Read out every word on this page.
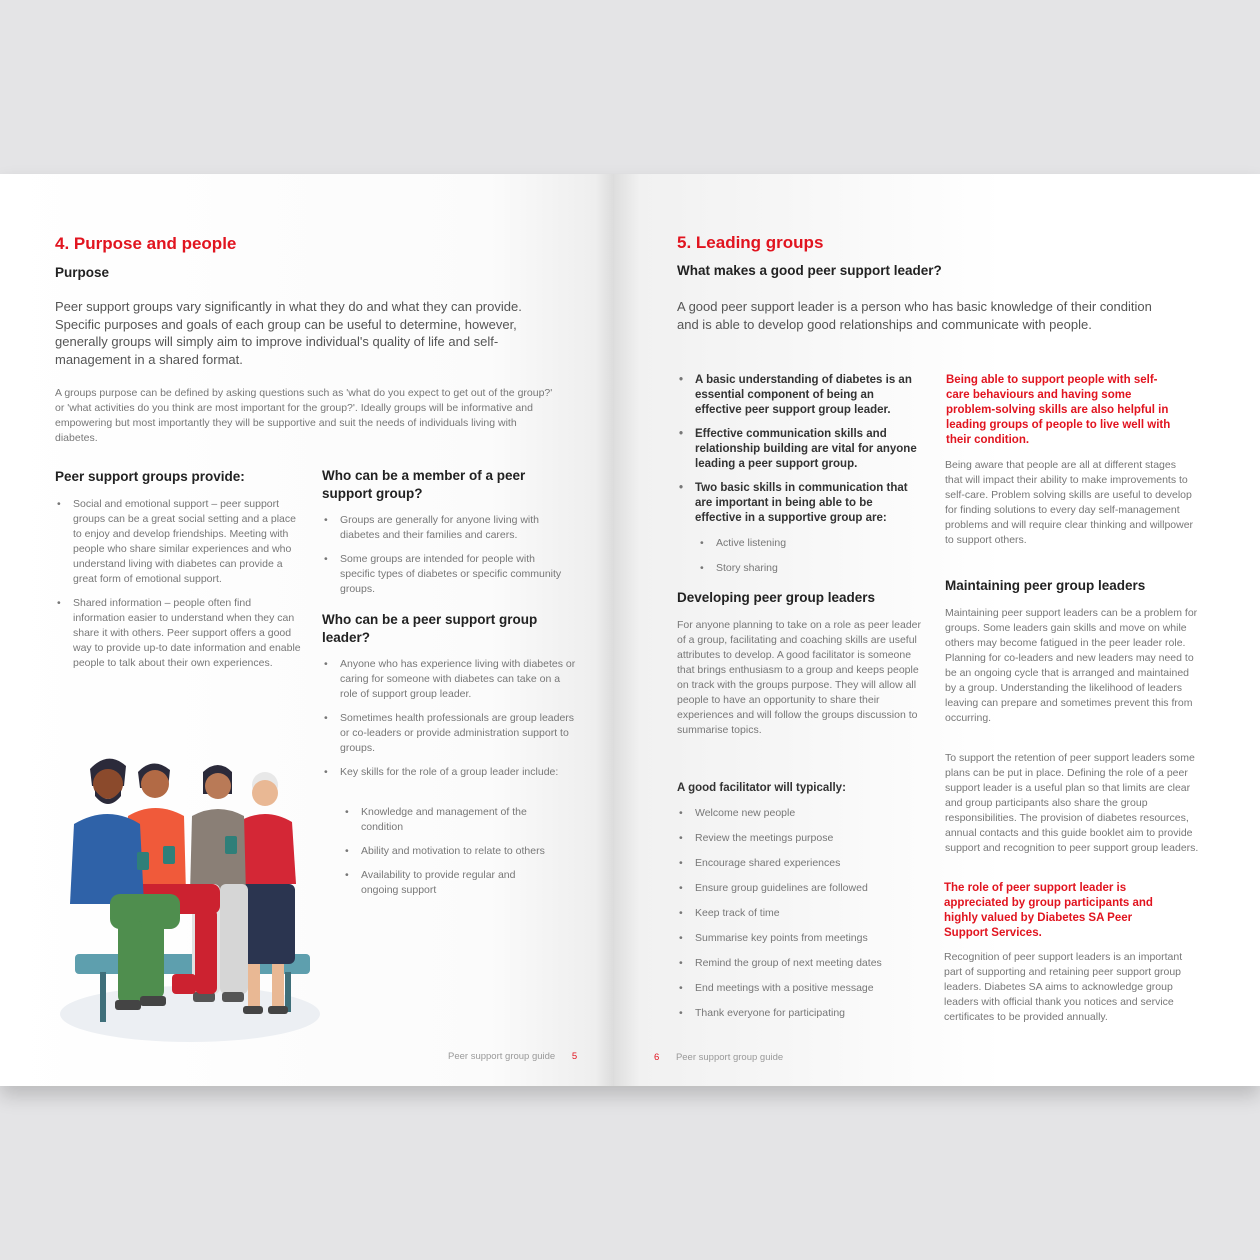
4. Purpose and people
Purpose

Peer support groups vary significantly in what they do and what they can provide. Specific purposes and goals of each group can be useful to determine, however, generally groups will simply aim to improve individual's quality of life and self-management in a shared format.

A groups purpose can be defined by asking questions such as 'what do you expect to get out of the group?' or 'what activities do you think are most important for the group?'. Ideally groups will be informative and empowering but most importantly they will be supportive and suit the needs of individuals living with diabetes.

Peer support groups provide:
• Social and emotional support – peer support groups can be a great social setting and a place to enjoy and develop friendships. Meeting with people who share similar experiences and who understand living with diabetes can provide a great form of emotional support.
• Shared information – people often find information easier to understand when they can share it with others. Peer support offers a good way to provide up-to date information and enable people to talk about their own experiences.
Who can be a member of a peer support group?
• Groups are generally for anyone living with diabetes and their families and carers.
• Some groups are intended for people with specific types of diabetes or specific community groups.
Who can be a peer support group leader?
• Anyone who has experience living with diabetes or caring for someone with diabetes can take on a role of support group leader.
• Sometimes health professionals are group leaders or co-leaders or provide administration support to groups.
• Key skills for the role of a group leader include:
• Knowledge and management of the condition
• Ability and motivation to relate to others
• Availability to provide regular and ongoing support
Peer support group guide 5
5. Leading groups
What makes a good peer support leader?

A good peer support leader is a person who has basic knowledge of their condition and is able to develop good relationships and communicate with people.

• A basic understanding of diabetes is an essential component of being an effective peer support group leader.
• Effective communication skills and relationship building are vital for anyone leading a peer support group.
• Two basic skills in communication that are important in being able to be effective in a supportive group are:
• Active listening
• Story sharing
Developing peer group leaders

For anyone planning to take on a role as peer leader of a group, facilitating and coaching skills are useful attributes to develop. A good facilitator is someone that brings enthusiasm to a group and keeps people on track with the groups purpose. They will allow all people to have an opportunity to share their experiences and will follow the groups discussion to summarise topics.

A good facilitator will typically:

• Welcome new people
• Review the meetings purpose
• Encourage shared experiences
• Ensure group guidelines are followed
• Keep track of time
• Summarise key points from meetings
• Remind the group of next meeting dates
• End meetings with a positive message
• Thank everyone for participating

Being able to support people with self-care behaviours and having some problem-solving skills are also helpful in leading groups of people to live well with their condition.

Being aware that people are all at different stages that will impact their ability to make improvements to self-care. Problem solving skills are useful to develop for finding solutions to every day self-management problems and will require clear thinking and willpower to support others.

Maintaining peer group leaders

Maintaining peer support leaders can be a problem for groups. Some leaders gain skills and move on while others may become fatigued in the peer leader role. Planning for co-leaders and new leaders may need to be an ongoing cycle that is arranged and maintained by a group. Understanding the likelihood of leaders leaving can prepare and sometimes prevent this from occurring.

To support the retention of peer support leaders some plans can be put in place. Defining the role of a peer support leader is a useful plan so that limits are clear and group participants also share the group responsibilities. The provision of diabetes resources, annual contacts and this guide booklet aim to provide support and recognition to peer support group leaders.

The role of peer support leader is appreciated by group participants and highly valued by Diabetes SA Peer Support Services.

Recognition of peer support leaders is an important part of supporting and retaining peer support group leaders. Diabetes SA aims to acknowledge group leaders with official thank you notices and service certificates to be provided annually.

6 Peer support group guide
